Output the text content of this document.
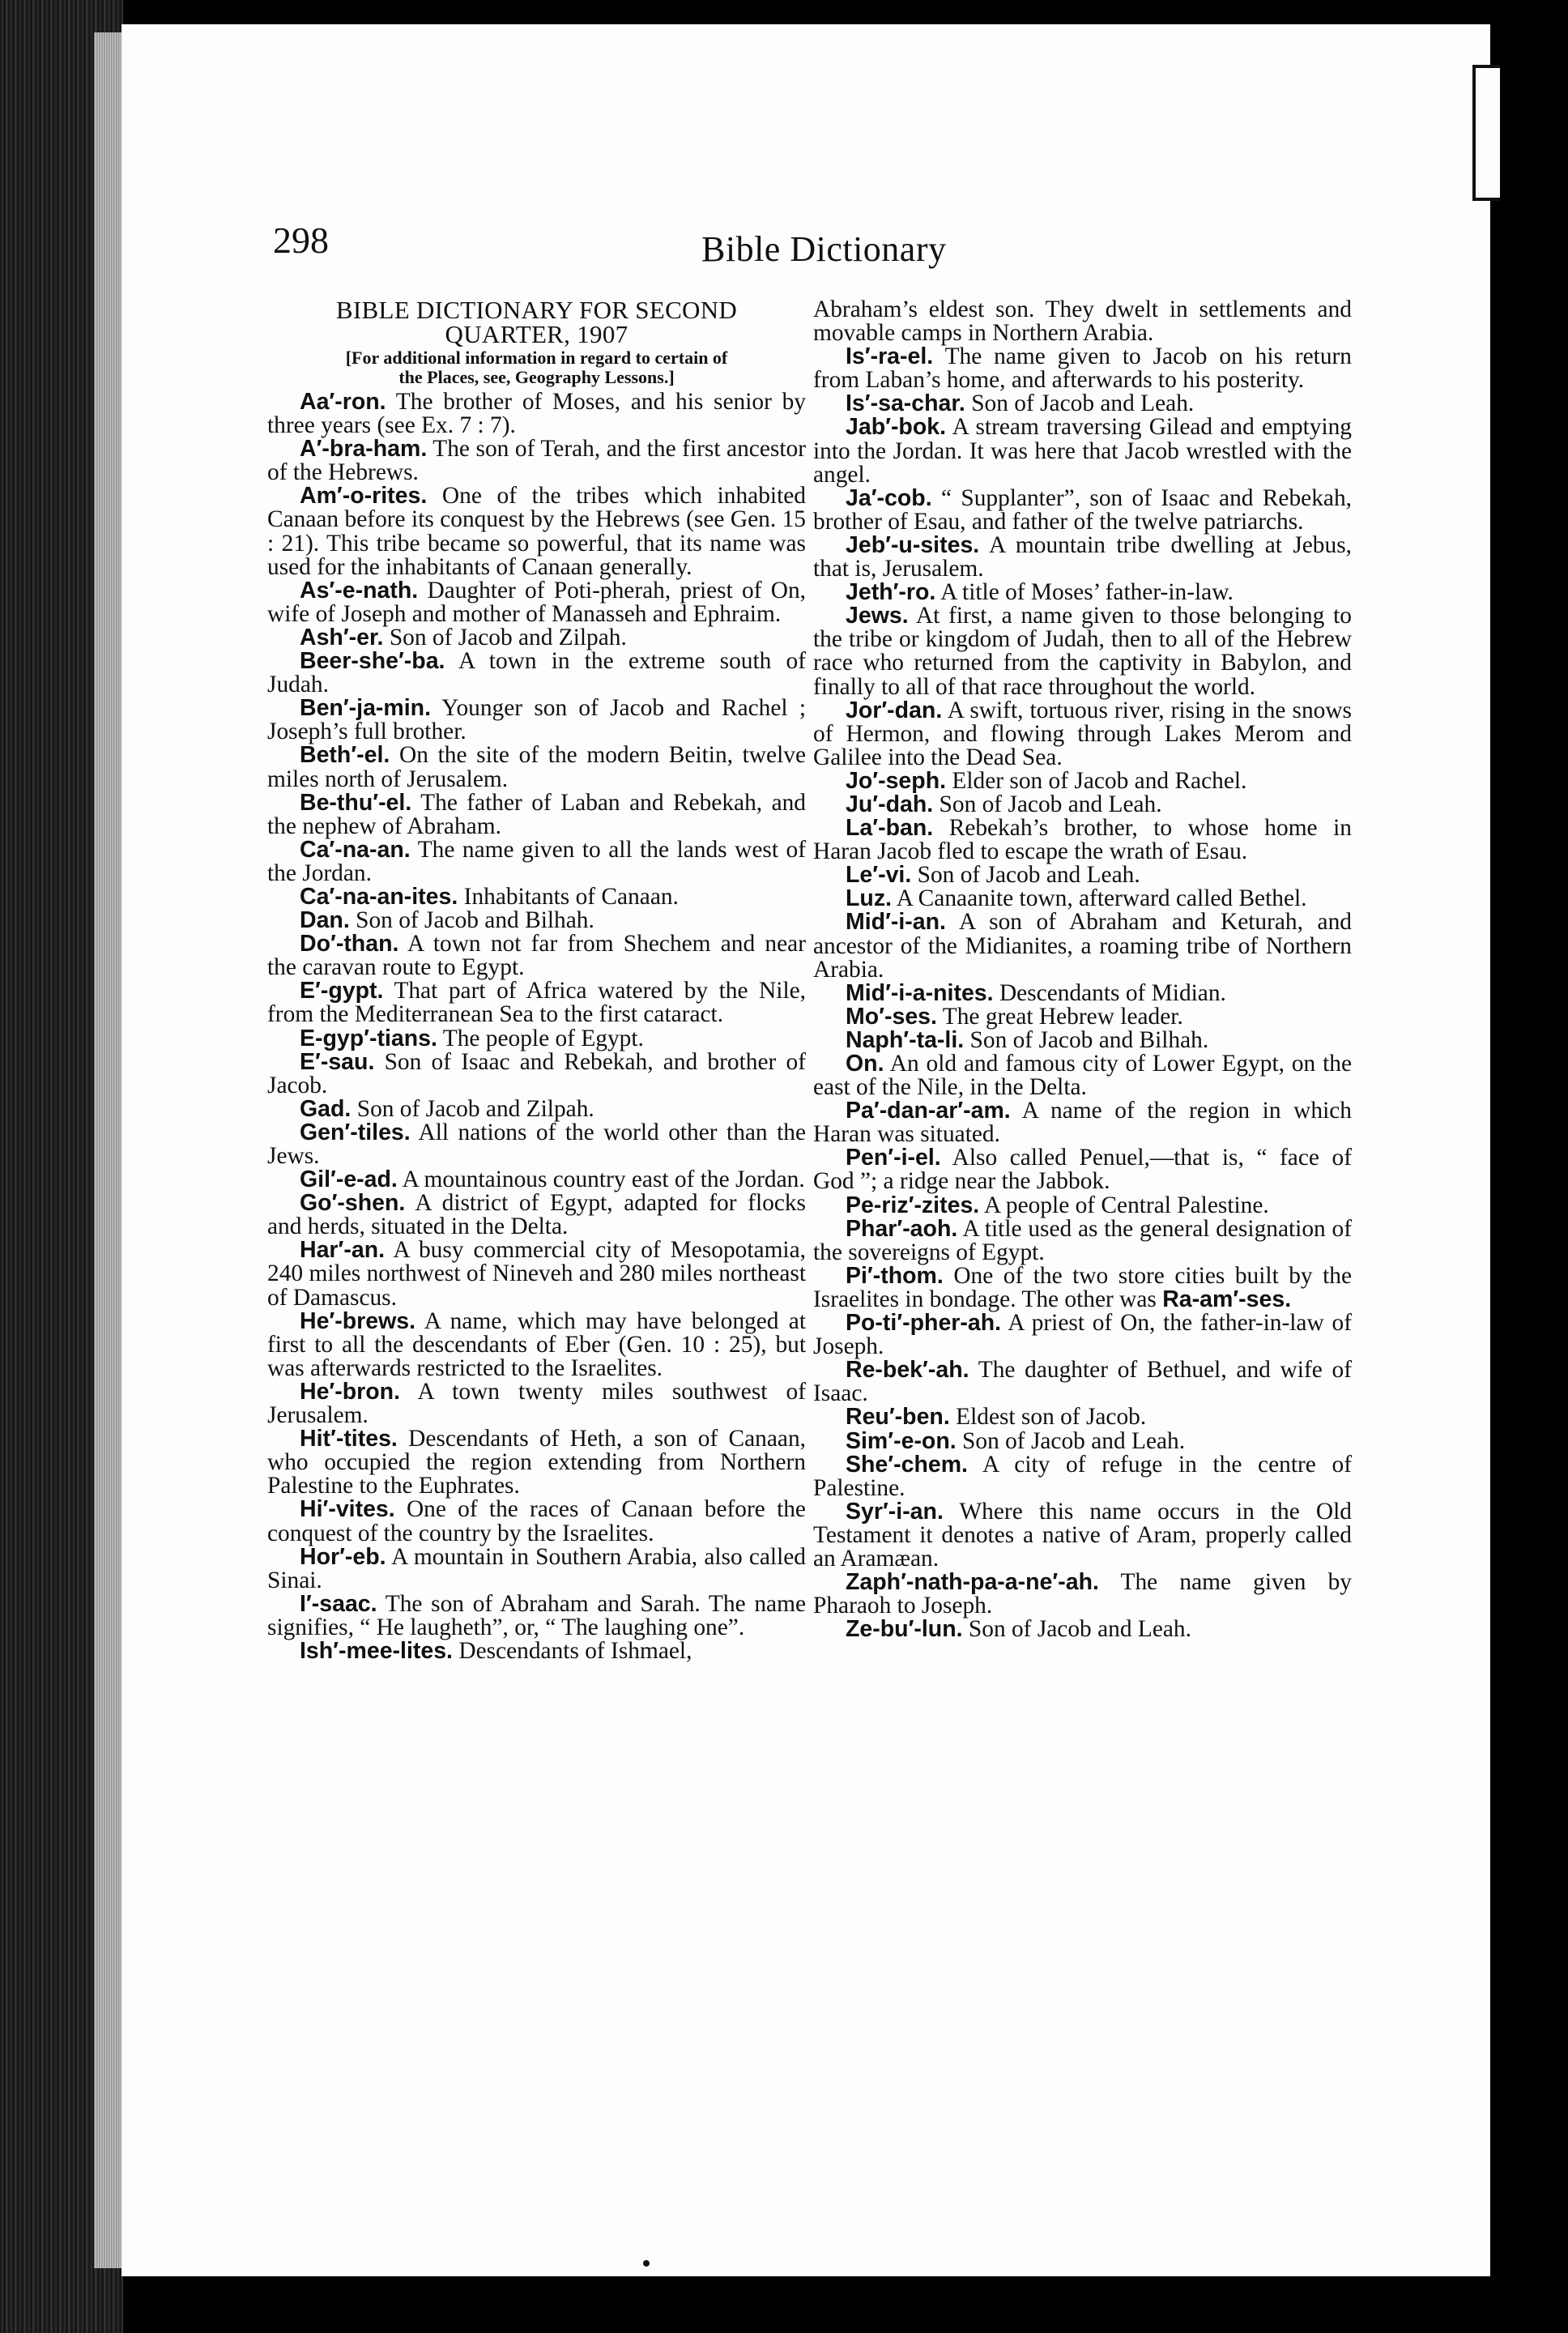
298	Bible Dictionary
BIBLE DICTIONARY FOR SECOND
QUARTER, 1907
[For additional information in regard to certain of
the Places, see, Geography Lessons.]

Aa′-ron. The brother of Moses, and his senior by three years (see Ex. 7 : 7).

A′-bra-ham. The son of Terah, and the first ancestor of the Hebrews.

Am′-o-rites. One of the tribes which inhabited Canaan before its conquest by the Hebrews (see Gen. 15 : 21). This tribe became so powerful, that its name was used for the inhabitants of Canaan generally.

As′-e-nath. Daughter of Poti-pherah, priest of On, wife of Joseph and mother of Manasseh and Ephraim.

Ash′-er. Son of Jacob and Zilpah.

Beer-she′-ba. A town in the extreme south of Judah.

Ben′-ja-min. Younger son of Jacob and Rachel ; Joseph’s full brother.

Beth′-el. On the site of the modern Beitin, twelve miles north of Jerusalem.

Be-thu′-el. The father of Laban and Rebekah, and the nephew of Abraham.

Ca′-na-an. The name given to all the lands west of the Jordan.

Ca′-na-an-ites. Inhabitants of Canaan.

Dan. Son of Jacob and Bilhah.

Do′-than. A town not far from Shechem and near the caravan route to Egypt.

E′-gypt. That part of Africa watered by the Nile, from the Mediterranean Sea to the first cataract.

E-gyp′-tians. The people of Egypt.

E′-sau. Son of Isaac and Rebekah, and brother of Jacob.

Gad. Son of Jacob and Zilpah.

Gen′-tiles. All nations of the world other than the Jews.

Gil′-e-ad. A mountainous country east of the Jordan.

Go′-shen. A district of Egypt, adapted for flocks and herds, situated in the Delta.

Har′-an. A busy commercial city of Mesopotamia, 240 miles northwest of Nineveh and 280 miles northeast of Damascus.

He′-brews. A name, which may have belonged at first to all the descendants of Eber (Gen. 10 : 25), but was afterwards restricted to the Israelites.

He′-bron. A town twenty miles southwest of Jerusalem.

Hit′-tites. Descendants of Heth, a son of Canaan, who occupied the region extending from Northern Palestine to the Euphrates.

Hi′-vites. One of the races of Canaan before the conquest of the country by the Israelites.

Hor′-eb. A mountain in Southern Arabia, also called Sinai.

I′-saac. The son of Abraham and Sarah. The name signifies, “ He laugheth”, or, “ The laughing one”.

Ish′-mee-lites. Descendants of Ishmael,

Abraham’s eldest son. They dwelt in settlements and movable camps in Northern Arabia.

Is′-ra-el. The name given to Jacob on his return from Laban’s home, and afterwards to his posterity.

Is′-sa-char. Son of Jacob and Leah.

Jab′-bok. A stream traversing Gilead and emptying into the Jordan. It was here that Jacob wrestled with the angel.

Ja′-cob. “ Supplanter”, son of Isaac and Rebekah, brother of Esau, and father of the twelve patriarchs.

Jeb′-u-sites. A mountain tribe dwelling at Jebus, that is, Jerusalem.

Jeth′-ro. A title of Moses’ father-in-law.

Jews. At first, a name given to those belonging to the tribe or kingdom of Judah, then to all of the Hebrew race who returned from the captivity in Babylon, and finally to all of that race throughout the world.

Jor′-dan. A swift, tortuous river, rising in the snows of Hermon, and flowing through Lakes Merom and Galilee into the Dead Sea.

Jo′-seph. Elder son of Jacob and Rachel.

Ju′-dah. Son of Jacob and Leah.

La′-ban. Rebekah’s brother, to whose home in Haran Jacob fled to escape the wrath of Esau.

Le′-vi. Son of Jacob and Leah.

Luz. A Canaanite town, afterward called Bethel.

Mid′-i-an. A son of Abraham and Keturah, and ancestor of the Midianites, a roaming tribe of Northern Arabia.

Mid′-i-a-nites. Descendants of Midian.

Mo′-ses. The great Hebrew leader.

Naph′-ta-li. Son of Jacob and Bilhah.

On. An old and famous city of Lower Egypt, on the east of the Nile, in the Delta.

Pa′-dan-ar′-am. A name of the region in which Haran was situated.

Pen′-i-el. Also called Penuel,—that is, “ face of God ”; a ridge near the Jabbok.

Pe-riz′-zites. A people of Central Palestine.

Phar′-aoh. A title used as the general designation of the sovereigns of Egypt.

Pi′-thom. One of the two store cities built by the Israelites in bondage. The other was Ra-am′-ses.

Po-ti′-pher-ah. A priest of On, the father-in-law of Joseph.

Re-bek′-ah. The daughter of Bethuel, and wife of Isaac.

Reu′-ben. Eldest son of Jacob.

Sim′-e-on. Son of Jacob and Leah.

She′-chem. A city of refuge in the centre of Palestine.

Syr′-i-an. Where this name occurs in the Old Testament it denotes a native of Aram, properly called an Aramæan.

Zaph′-nath-pa-a-ne′-ah. The name given by Pharaoh to Joseph.

Ze-bu′-lun. Son of Jacob and Leah.
